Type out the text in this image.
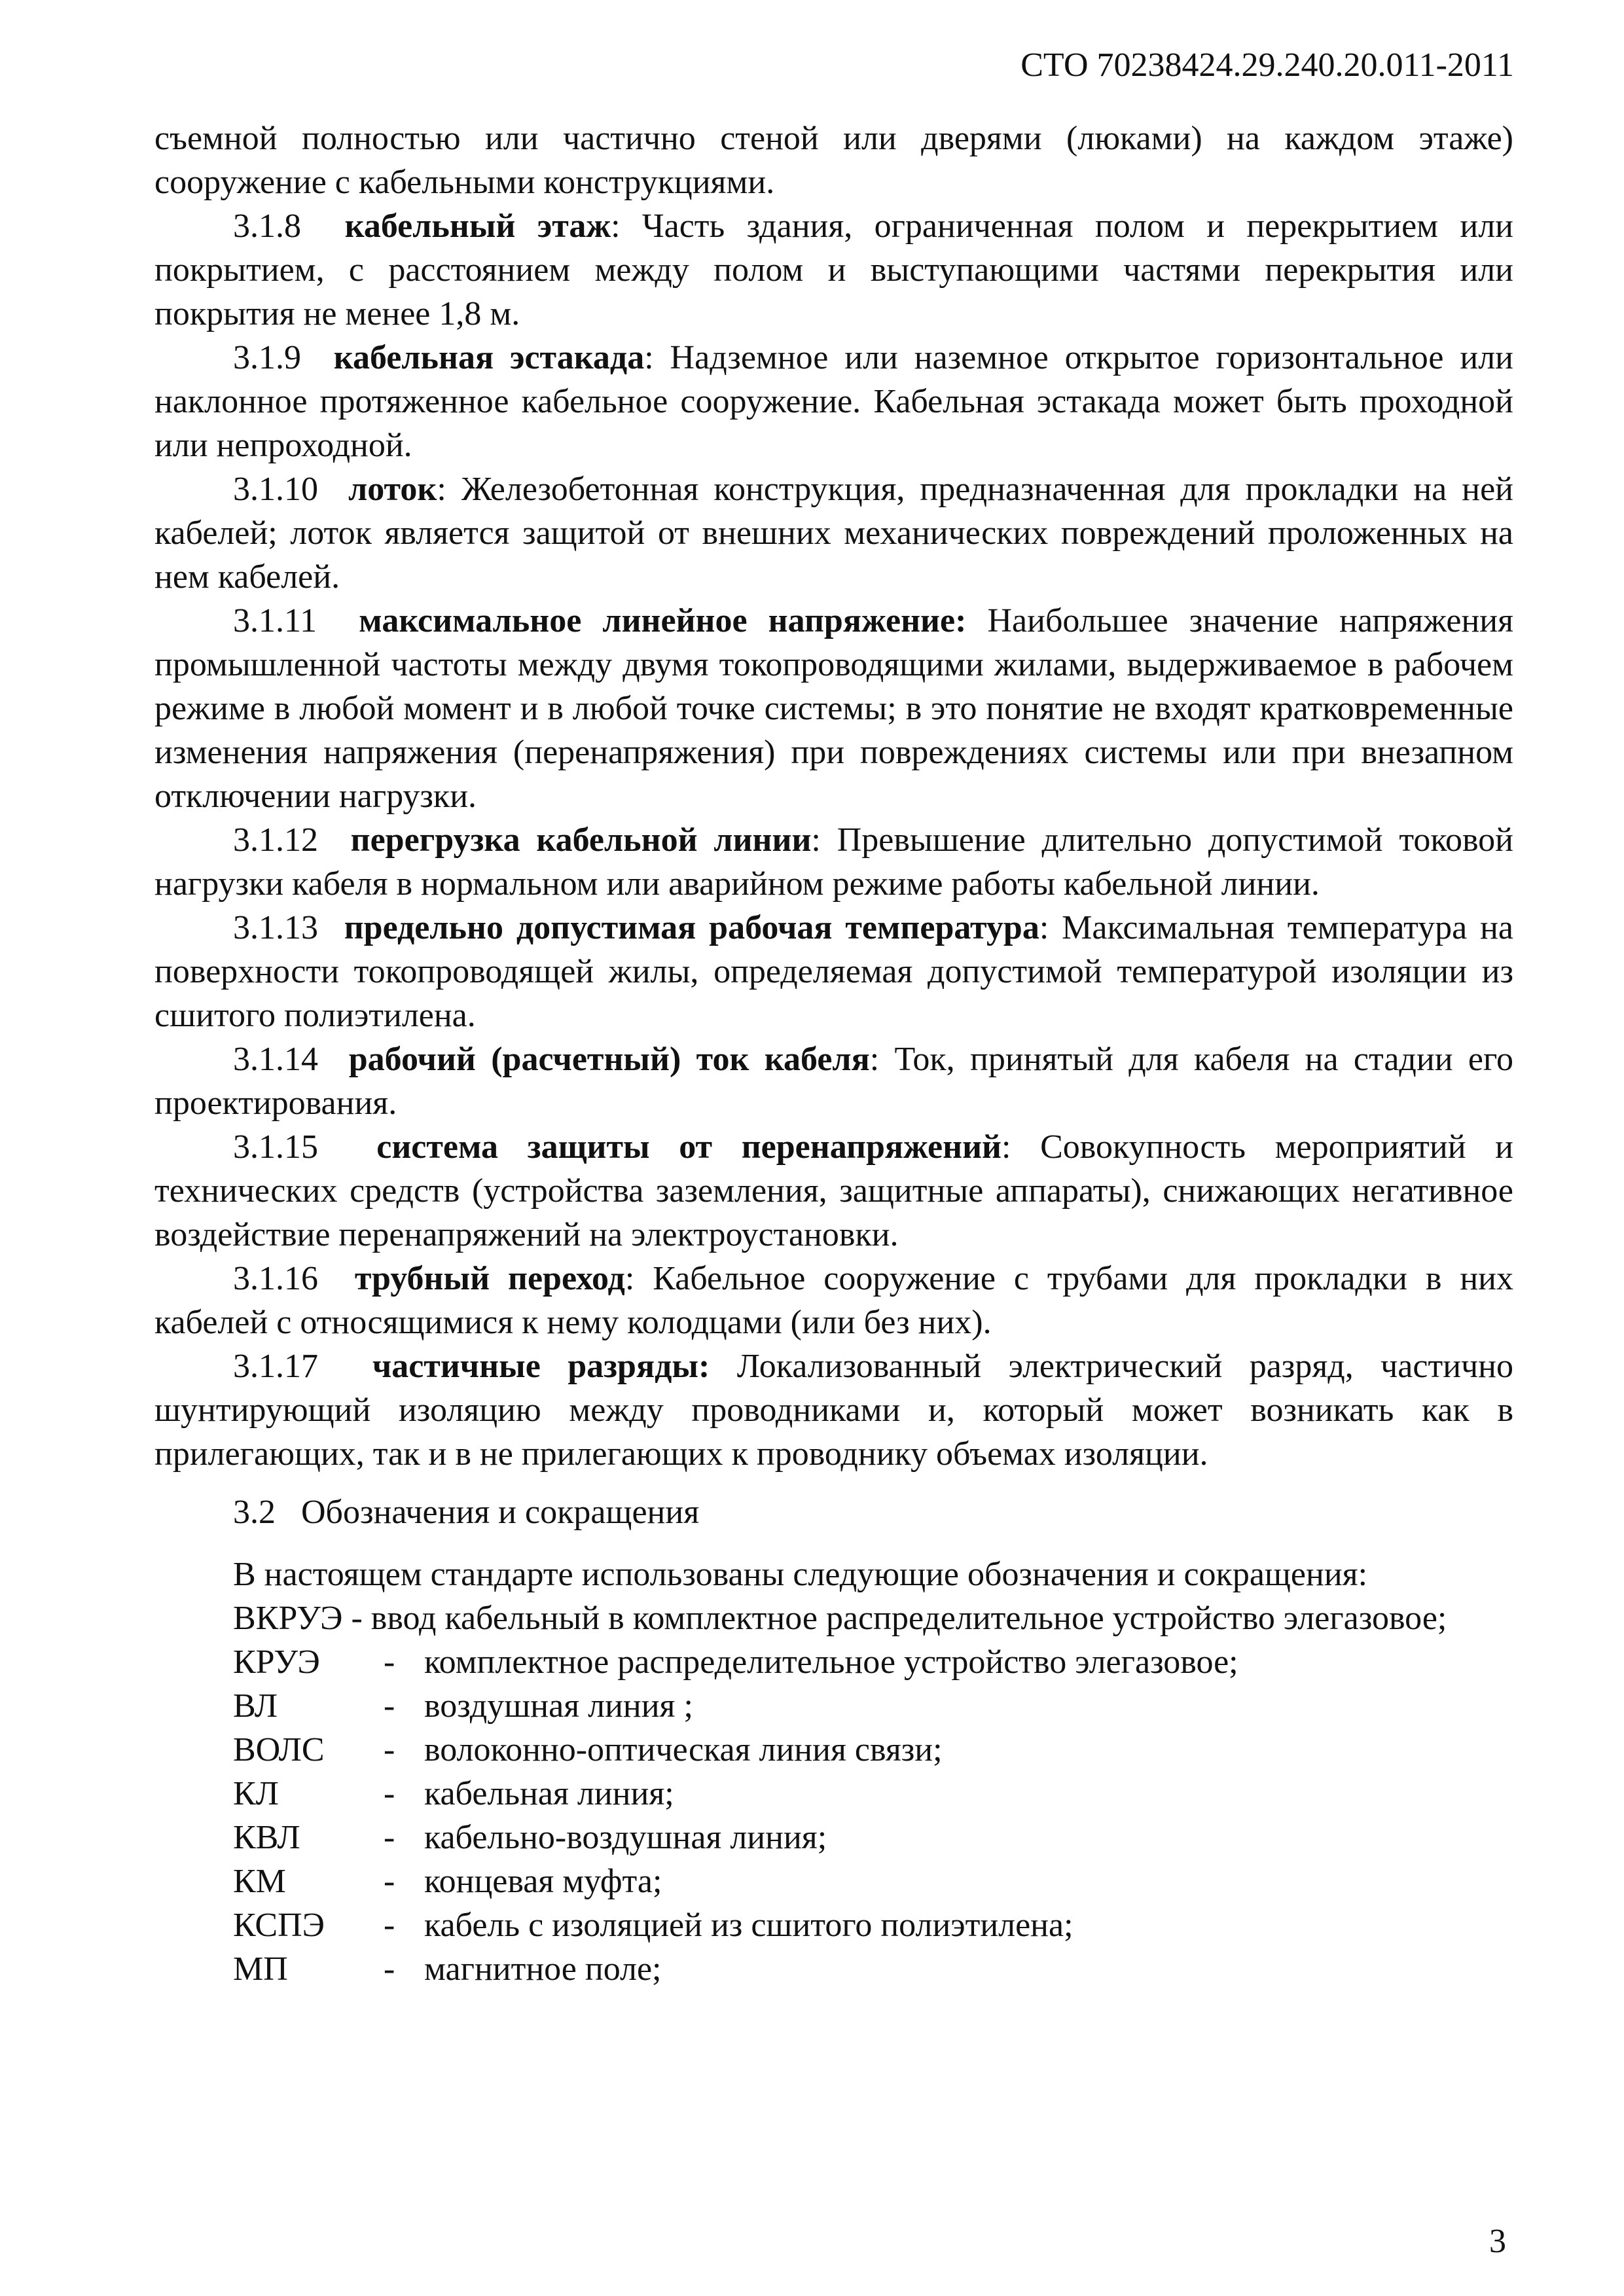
СТО 70238424.29.240.20.011-2011

съемной полностью или частично стеной или дверями (люками) на каждом этаже) сооружение с кабельными конструкциями.

3.1.8 кабельный этаж: Часть здания, ограниченная полом и перекрытием или покрытием, с расстоянием между полом и выступающими частями перекрытия или покрытия не менее 1,8 м.

3.1.9 кабельная эстакада: Надземное или наземное открытое горизонтальное или наклонное протяженное кабельное сооружение. Кабельная эстакада может быть проходной или непроходной.

3.1.10 лоток: Железобетонная конструкция, предназначенная для прокладки на ней кабелей; лоток является защитой от внешних механических повреждений проложенных на нем кабелей.

3.1.11 максимальное линейное напряжение: Наибольшее значение напряжения промышленной частоты между двумя токопроводящими жилами, выдерживаемое в рабочем режиме в любой момент и в любой точке системы; в это понятие не входят кратковременные изменения напряжения (перенапряжения) при повреждениях системы или при внезапном отключении нагрузки.

3.1.12 перегрузка кабельной линии: Превышение длительно допустимой токовой нагрузки кабеля в нормальном или аварийном режиме работы кабельной линии.

3.1.13 предельно допустимая рабочая температура: Максимальная температура на поверхности токопроводящей жилы, определяемая допустимой температурой изоляции из сшитого полиэтилена.

3.1.14 рабочий (расчетный) ток кабеля: Ток, принятый для кабеля на стадии его проектирования.

3.1.15 система защиты от перенапряжений: Совокупность мероприятий и технических средств (устройства заземления, защитные аппараты), снижающих негативное воздействие перенапряжений на электроустановки.

3.1.16 трубный переход: Кабельное сооружение с трубами для прокладки в них кабелей с относящимися к нему колодцами (или без них).

3.1.17 частичные разряды: Локализованный электрический разряд, частично шунтирующий изоляцию между проводниками и, который может возникать как в прилегающих, так и в не прилегающих к проводнику объемах изоляции.

3.2 Обозначения и сокращения

В настоящем стандарте использованы следующие обозначения и сокращения:

ВКРУЭ - ввод кабельный в комплектное распределительное устройство элегазовое;
КРУЭ	- комплектное распределительное устройство элегазовое;
ВЛ	- воздушная линия ;
ВОЛС	- волоконно-оптическая линия связи;
КЛ	- кабельная линия;
КВЛ	- кабельно-воздушная линия;
КМ	- концевая муфта;
КСПЭ	- кабель с изоляцией из сшитого полиэтилена;
МП	- магнитное поле;
3
